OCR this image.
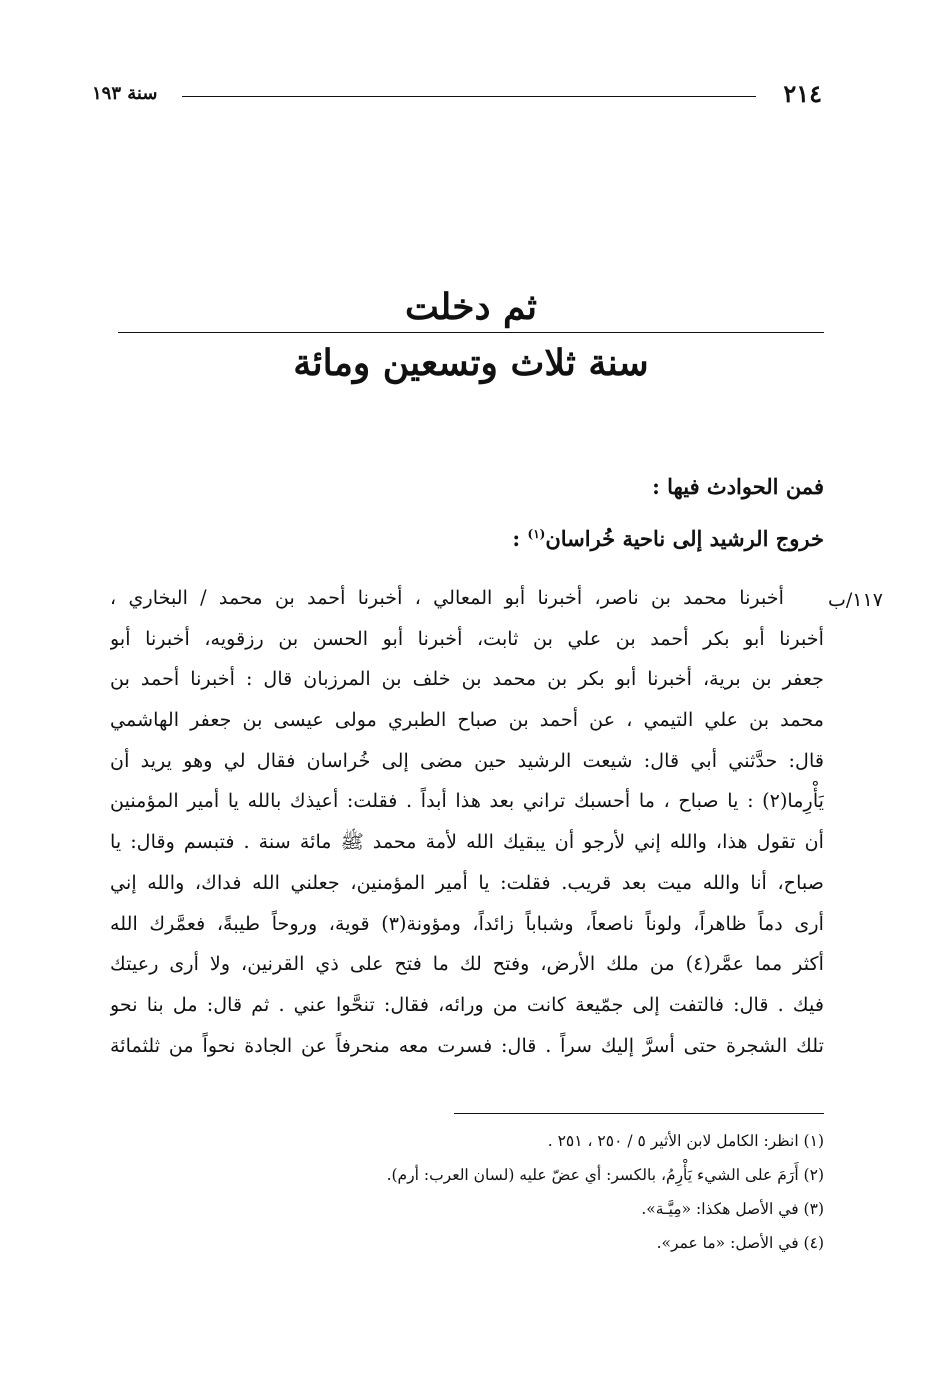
٢١٤
سنة ١٩٣
ثم دخلت
سنة ثلاث وتسعين ومائة
فمن الحوادث فيها :
خروج الرشيد إلى ناحية خُراسان$^{(١)}$ :
١١٧/ب
أخبرنا محمد بن ناصر، أخبرنا أبو المعالي ، أخبرنا أحمد بن محمد / البخاري ،
أخبرنا أبو بكر أحمد بن علي بن ثابت، أخبرنا أبو الحسن بن رزقويه، أخبرنا أبو
جعفر بن برية، أخبرنا أبو بكر بن محمد بن خلف بن المرزبان قال : أخبرنا أحمد بن
محمد بن علي التيمي ، عن أحمد بن صباح الطبري مولى عيسى بن جعفر الهاشمي
قال: حدَّثني أبي قال: شيعت الرشيد حين مضى إلى خُراسان فقال لي وهو يريد أن
يَأْرِما(٢) : يا صباح ، ما أحسبك تراني بعد هذا أبداً . فقلت: أعيذك بالله يا أمير المؤمنين
أن تقول هذا، والله إني لأرجو أن يبقيك الله لأمة محمد ﷺ مائة سنة . فتبسم وقال: يا
صباح، أنا والله ميت بعد قريب. فقلت: يا أمير المؤمنين، جعلني الله فداك، والله إني
أرى دماً ظاهراً، ولوناً ناصعاً، وشباباً زائداً، ومؤونة(٣) قوية، وروحاً طيبةً، فعمَّرك الله
أكثر مما عمَّر(٤) من ملك الأرض، وفتح لك ما فتح على ذي القرنين، ولا أرى رعيتك
فيك . قال: فالتفت إلى جمّيعة كانت من ورائه، فقال: تنحَّوا عني . ثم قال: مل بنا نحو
تلك الشجرة حتى أسرَّ إليك سراً . قال: فسرت معه منحرفاً عن الجادة نحواً من ثلثمائة
(١) انظر: الكامل لابن الأثير ٥ / ٢٥٠ ، ٢٥١ .
(٢) أَرَمَ على الشيء يَأْرِمُ، بالكسر: أي عضّ عليه (لسان العرب: أرم).
(٣) في الأصل هكذا: «مِيَّـة».
(٤) في الأصل: «ما عمر».
